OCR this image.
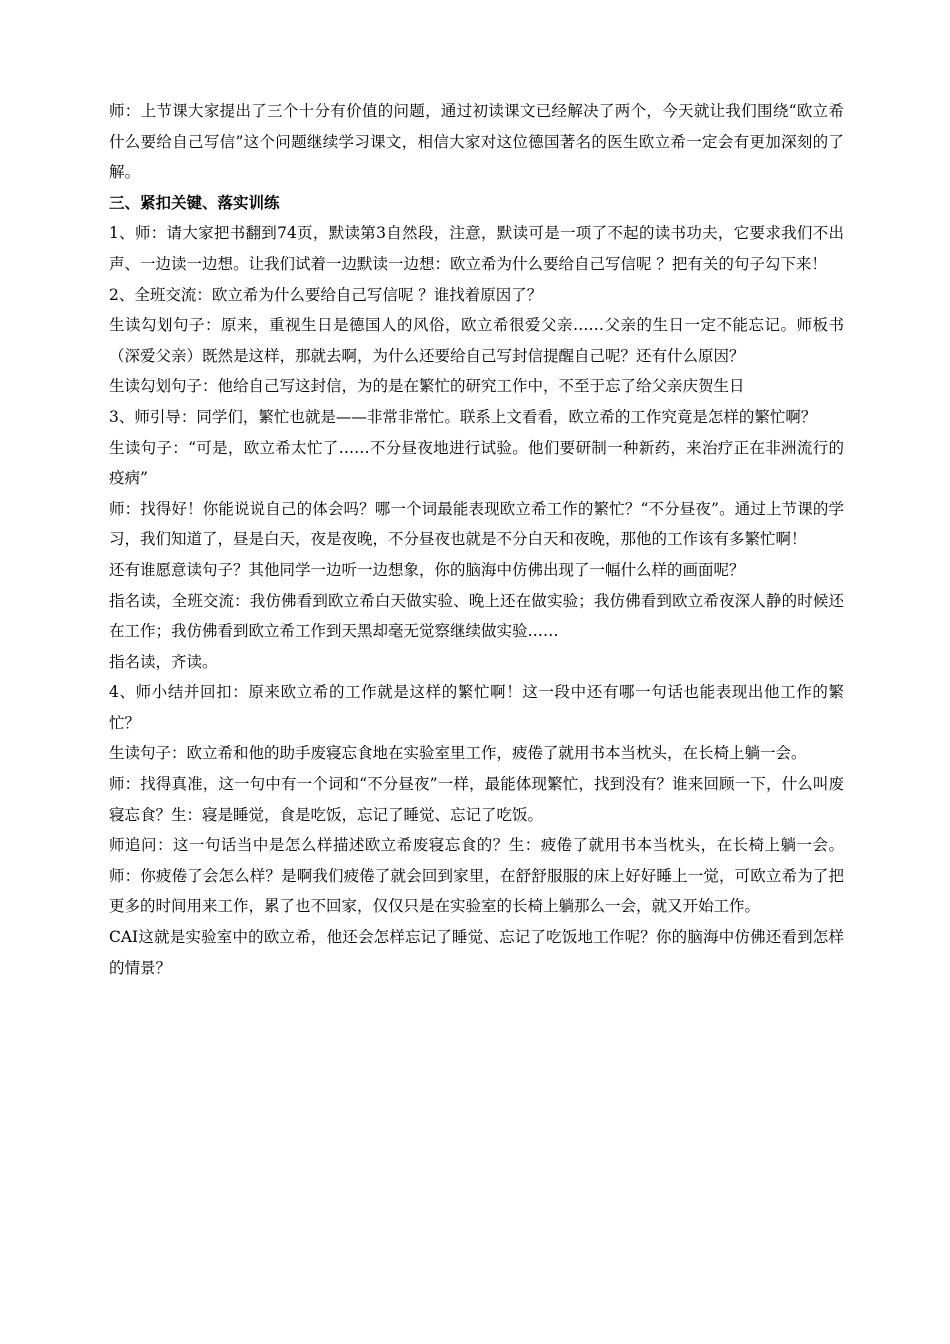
师：上节课大家提出了三个十分有价值的问题，通过初读课文已经解决了两个，今天就让我们围绕“欧立希什么要给自己写信”这个问题继续学习课文，相信大家对这位德国著名的医生欧立希一定会有更加深刻的了解。

三、紧扣关键、落实训练

1、师：请大家把书翻到74页，默读第3自然段，注意，默读可是一项了不起的读书功夫，它要求我们不出声、一边读一边想。让我们试着一边默读一边想：欧立希为什么要给自己写信呢 ？把有关的句子勾下来！

2、全班交流：欧立希为什么要给自己写信呢 ？谁找着原因了？

生读勾划句子：原来，重视生日是德国人的风俗，欧立希很爱父亲……父亲的生日一定不能忘记。师板书（深爱父亲）既然是这样，那就去啊，为什么还要给自己写封信提醒自己呢？还有什么原因？

生读勾划句子：他给自己写这封信，为的是在繁忙的研究工作中，不至于忘了给父亲庆贺生日

3、师引导：同学们，繁忙也就是——非常非常忙。联系上文看看，欧立希的工作究竟是怎样的繁忙啊？

生读句子：“可是，欧立希太忙了……不分昼夜地进行试验。他们要研制一种新药，来治疗正在非洲流行的疫病”

师：找得好！你能说说自己的体会吗？哪一个词最能表现欧立希工作的繁忙？“不分昼夜”。通过上节课的学习，我们知道了，昼是白天，夜是夜晚，不分昼夜也就是不分白天和夜晚，那他的工作该有多繁忙啊！

还有谁愿意读句子？其他同学一边听一边想象，你的脑海中仿佛出现了一幅什么样的画面呢？

指名读，全班交流：我仿佛看到欧立希白天做实验、晚上还在做实验；我仿佛看到欧立希夜深人静的时候还在工作；我仿佛看到欧立希工作到天黑却毫无觉察继续做实验……

指名读，齐读。

4、师小结并回扣：原来欧立希的工作就是这样的繁忙啊！这一段中还有哪一句话也能表现出他工作的繁忙？

生读句子：欧立希和他的助手废寝忘食地在实验室里工作，疲倦了就用书本当枕头，在长椅上躺一会。

师：找得真准，这一句中有一个词和“不分昼夜”一样，最能体现繁忙，找到没有？谁来回顾一下，什么叫废寝忘食？生：寝是睡觉，食是吃饭，忘记了睡觉、忘记了吃饭。

师追问：这一句话当中是怎么样描述欧立希废寝忘食的？生：疲倦了就用书本当枕头，在长椅上躺一会。师：你疲倦了会怎么样？是啊我们疲倦了就会回到家里，在舒舒服服的床上好好睡上一觉，可欧立希为了把更多的时间用来工作，累了也不回家，仅仅只是在实验室的长椅上躺那么一会，就又开始工作。

CAI这就是实验室中的欧立希，他还会怎样忘记了睡觉、忘记了吃饭地工作呢？你的脑海中仿佛还看到怎样的情景？
